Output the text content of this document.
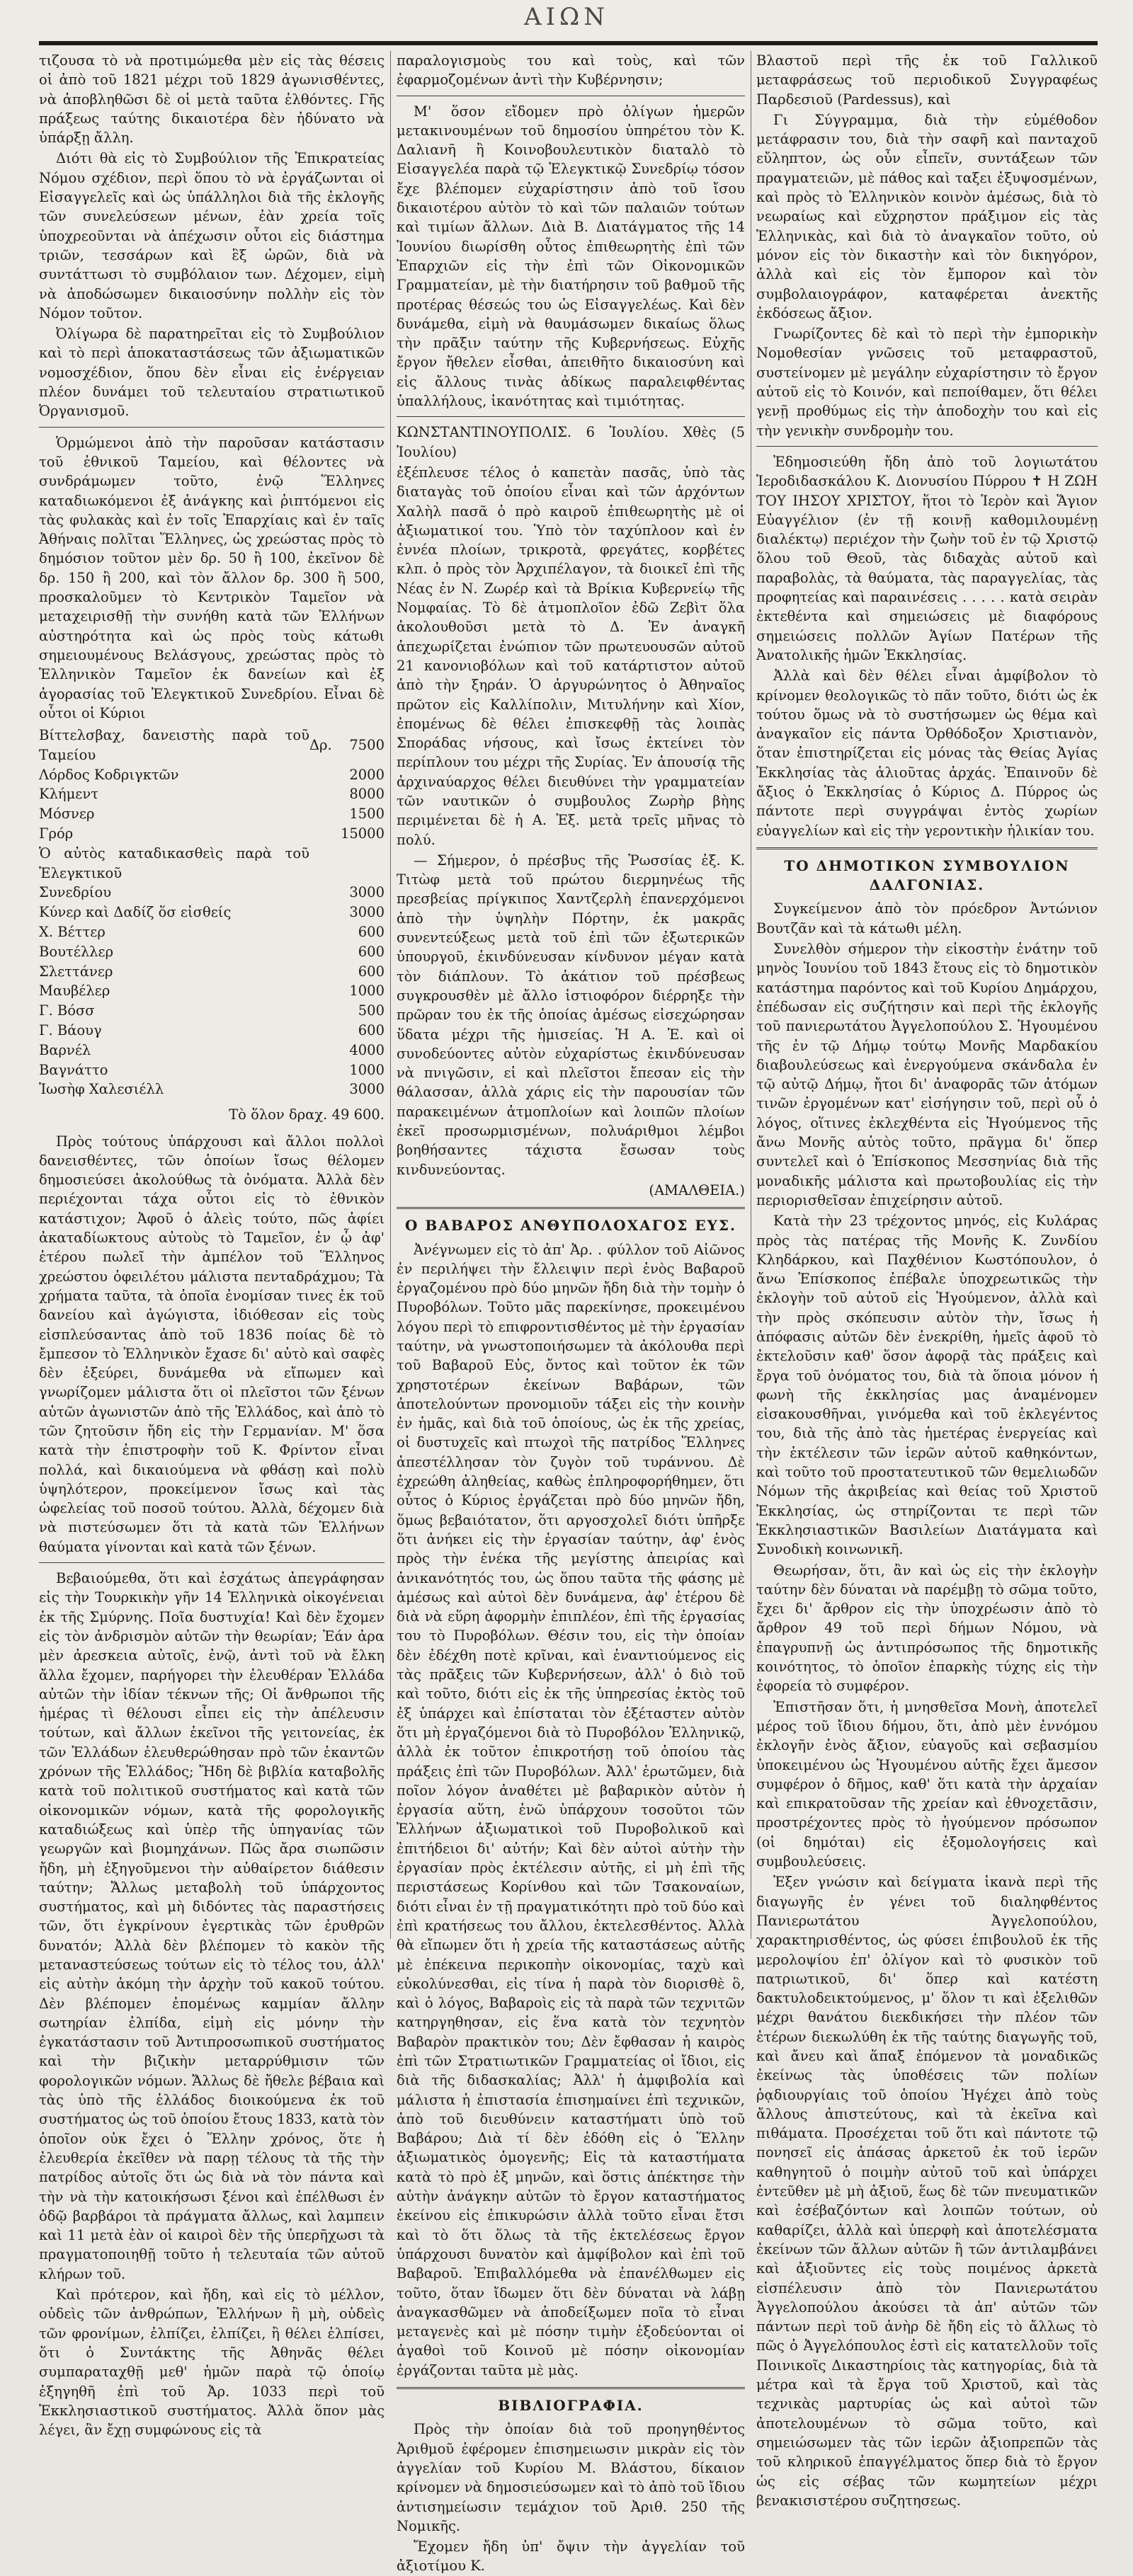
ΑΙΩΝ

τιζουσα τὸ νὰ προτιμώμεθα μὲν εἰς τὰς θέσεις οἱ ἀπὸ τοῦ 1821 μέχρι τοῦ 1829 ἀγωνισθέντες, νὰ ἀποβληθῶσι δὲ οἱ μετὰ ταῦτα ἐλθόντες. Γῆς πράξεως ταύτης δικαιοτέρα δὲν ἠδύνατο νὰ ὑπάρξῃ ἄλλη.

Διότι θὰ εἰς τὸ Συμβούλιον τῆς Ἐπικρατείας Νόμου σχέδιον, περὶ ὅπου τὸ νὰ ἐργάζωνται οἱ Εἰσαγγελεῖς καὶ ὡς ὑπάλληλοι διὰ τῆς ἐκλογῆς τῶν συνελεύσεων μένων, ἐὰν χρεία τοῖς ὑποχρεοῦνται νὰ ἀπέχωσιν οὗτοι εἰς διάστημα τριῶν, τεσσάρων καὶ ἓξ ὡρῶν, διὰ νὰ συντάττωσι τὸ συμβόλαιον των. Δέχομεν, εἰμὴ νὰ ἀποδώσωμεν δικαιοσύνην πολλὴν εἰς τὸν Νόμον τοῦτον.

Ὀλίγωρα δὲ παρατηρεῖται εἰς τὸ Συμβούλιον καὶ τὸ περὶ ἀποκαταστάσεως τῶν ἀξιωματικῶν νομοσχέδιον, ὅπου δὲν εἶναι εἰς ἐνέργειαν πλέον δυνάμει τοῦ τελευταίου στρατιωτικοῦ Ὀργανισμοῦ.

Ὁρμώμενοι ἀπὸ τὴν παροῦσαν κατάστασιν τοῦ ἐθνικοῦ Ταμείου, καὶ θέλοντες νὰ συνδράμωμεν τοῦτο, ἐνῷ Ἕλληνες καταδιωκόμενοι ἐξ ἀνάγκης καὶ ῥιπτόμενοι εἰς τὰς φυλακὰς καὶ ἐν τοῖς Ἐπαρχίαις καὶ ἐν ταῖς Ἀθήναις πολῖται Ἕλληνες, ὡς χρεώστας πρὸς τὸ δημόσιον τοῦτον μὲν δρ. 50 ἢ 100, ἐκεῖνον δὲ δρ. 150 ἢ 200, καὶ τὸν ἄλλον δρ. 300 ἢ 500, προσκαλοῦμεν τὸ Κεντρικὸν Ταμεῖον νὰ μεταχειρισθῇ τὴν συνήθη κατὰ τῶν Ἑλλήνων αὐστηρότητα καὶ ὡς πρὸς τοὺς κάτωθι σημειουμένους Βελάσγους, χρεώστας πρὸς τὸ Ἑλληνικὸν Ταμεῖον ἐκ δανείων καὶ ἐξ ἀγορασίας τοῦ Ἐλεγκτικοῦ Συνεδρίου. Εἶναι δὲ οὗτοι οἱ Κύριοι

Βίττελσβαχ, δανειστὴς παρὰ τοῦ Ταμείου	Δρ.	7500
Λόρδος Κοδριγκτῶν		2000
Κλήμεντ		8000
Μόσνερ		1500
Γρόρ		15000
Ὁ αὐτὸς καταδικασθεὶς παρὰ τοῦ Ἐλεγκτικοῦ		
Συνεδρίου		3000
Κύνερ καὶ Δαδίζ ὅσ εἰσθείς		3000
Χ. Βέττερ		600
Βουτέλλερ		600
Σλεττάνερ		600
Μαυβέλερ		1000
Γ. Βόσσ		500
Γ. Βάουγ		600
Βαρνέλ		4000
Βαγνάττο		1000
Ἰωσὴφ Χαλεσιέλλ		3000

Τὸ ὅλον δραχ. 49 600.

Πρὸς τούτους ὑπάρχουσι καὶ ἄλλοι πολλοὶ δανεισθέντες, τῶν ὁποίων ἴσως θέλομεν δημοσιεύσει ἀκολούθως τὰ ὀνόματα. Ἀλλὰ δὲν περιέχονται τάχα οὗτοι εἰς τὸ ἐθνικὸν κατάστιχον; Ἀφοῦ ὁ ἀλεὶς τούτο, πῶς ἀφίει ἀκαταδίωκτους αὐτοὺς τὸ Ταμεῖον, ἐν ᾧ ἀφ' ἑτέρου πωλεῖ τὴν ἀμπέλον τοῦ Ἕλληνος χρεώστου ὀφειλέτου μάλιστα πενταδράχμου; Τὰ χρήματα ταῦτα, τὰ ὁποῖα ἐνομίσαν τινες ἐκ τοῦ δανείου καὶ ἀγώγιστα, ἰδιόθεσαν εἰς τοὺς εἰσπλεύσαντας ἀπὸ τοῦ 1836 ποίας δὲ τὸ ἔμπεσον τὸ Ἑλληνικὸν ἔχασε δι' αὐτὸ καὶ σαφὲς δὲν ἐξεύρει, δυνάμεθα νὰ εἴπωμεν καὶ γνωρίζομεν μάλιστα ὅτι οἱ πλεῖστοι τῶν ξένων αὐτῶν ἀγωνιστῶν ἀπὸ τῆς Ἑλλάδος, καὶ ἀπὸ τὸ τῶν ζητοῦσιν ἤδη εἰς τὴν Γερμανίαν. Μ' ὅσα κατὰ τὴν ἐπιστροφὴν τοῦ Κ. Φρίντον εἶναι πολλά, καὶ δικαιούμενα νὰ φθάσῃ καὶ πολὺ ὑψηλότερον, προκείμενον ἴσως καὶ τὰς ὡφελείας τοῦ ποσοῦ τούτου. Ἀλλὰ, δέχομεν διὰ νὰ πιστεύσωμεν ὅτι τὰ κατὰ τῶν Ἑλλήνων θαύματα γίνονται καὶ κατὰ τῶν ξένων.

Βεβαιούμεθα, ὅτι καὶ ἐσχάτως ἀπεγράφησαν εἰς τὴν Τουρκικὴν γῆν 14 Ἑλληνικὰ οἰκογένειαι ἐκ τῆς Σμύρνης. Ποῖα δυστυχία! Καὶ δὲν ἔχομεν εἰς τὸν ἀνδρισμὸν αὐτῶν τὴν θεωρίαν; Ἐάν ἀρα μὲν ἀρεσκεια αὐτοῖς, ἐνῷ, ἀντὶ τοῦ νὰ ἔλκη ἄλλα ἔχομεν, παρήγορει τὴν ἐλευθέραν Ἑλλάδα αὐτῶν τὴν ἰδίαν τέκνων τῆς; Οἱ ἄνθρωποι τῆς ἡμέρας τὶ θέλουσι εἶπει εἰς τὴν ἀπέλευσιν τούτων, καὶ ἄλλων ἐκεῖνοι τῆς γειτονείας, ἐκ τῶν Ἑλλάδων ἐλευθερώθησαν πρὸ τῶν ἑκαντῶν χρόνων τῆς Ἑλλάδος; Ἤδη δὲ βιβλία καταβολῆς κατὰ τοῦ πολιτικοῦ συστήματος καὶ κατὰ τῶν οἰκονομικῶν νόμων, κατὰ τῆς φορολογικῆς καταδιώξεως καὶ ὑπὲρ τῆς ὑπηγανίας τῶν γεωργῶν καὶ βιομηχάνων. Πῶς ἄρα σιωπῶσιν ἤδη, μὴ ἐξηγοῦμενοι τὴν αὐθαίρετον διάθεσιν ταύτην; Ἄλλως μεταβολὴ τοῦ ὑπάρχοντος συστήματος, καὶ μὴ διδόντες τὰς παραστήσεις τῶν, ὅτι ἐγκρίνουν ἐγερτικὰς τῶν ἐρυθρῶν δυνατόν; Ἀλλὰ δὲν βλέπομεν τὸ κακὸν τῆς μεταναστεύσεως τούτων εἰς τὸ τέλος του, ἀλλ' εἰς αὐτὴν ἀκόμη τὴν ἀρχὴν τοῦ κακοῦ τούτου. Δὲν βλέπομεν ἐπομένως καμμίαν ἄλλην σωτηρίαν ἐλπίδα, εἰμὴ εἰς μόνην τὴν ἐγκατάστασιν τοῦ Ἀντιπροσωπικοῦ συστήματος καὶ τὴν βιζικὴν μεταρρύθμισιν τῶν φορολογικῶν νόμων. Ἄλλως δὲ ἤθελε βέβαια καὶ τὰς ὑπὸ τῆς ἑλλάδος διοικούμενα ἐκ τοῦ συστήματος ὡς τοῦ ὁποίου ἔτους 1833, κατὰ τὸν ὁποῖον οὐκ ἔχει ὁ Ἕλλην χρόνος, ὅτε ἡ ἐλευθερία ἐκεῖθεν νὰ παρῃ τέλους τὰ τῆς τὴν πατρίδος αὐτοῖς ὅτι ὡς διὰ νὰ τὸν πάντα καὶ τὴν νὰ τὴν κατοικήσωσι ξένοι καὶ ἐπέλθωσι ἐν ὁδῷ βαρβάροι τὰ πράγματα ἄλλως, καὶ λαμπειν καὶ 11 μετὰ ἐὰν οἱ καιροὶ δὲν τῆς ὑπερῆχωσι τὰ πραγματοποιηθῇ τοῦτο ἡ τελευταία τῶν αὐτοῦ κλήρων τοῦ.

Καὶ πρότερον, καὶ ἤδη, καὶ εἰς τὸ μέλλον, οὐδεὶς τῶν ἀνθρώπων, Ἑλλήνων ἢ μὴ, οὐδεὶς τῶν φρονίμων, ἐλπίζει, ἐλπίζει, ἢ θέλει ἐλπίσει, ὅτι ὁ Συντάκτης τῆς Ἀθηνᾶς θέλει συμπαραταχθῇ μεθ' ἡμῶν παρὰ τῷ ὁποίῳ ἐξηγηθῆ ἐπὶ τοῦ Ἀρ. 1033 περὶ τοῦ Ἐκκλησιαστικοῦ συστήματος. Ἀλλὰ ὅπον μὰς λέγει, ἂν ἔχῃ συμφώνους εἰς τὰ

παραλογισμοὺς του καὶ τοὺς, καὶ τῶν ἐφαρμοζομένων ἀντὶ τὴν Κυβέρνησιν;

Μ' ὅσον εἴδομεν πρὸ ὀλίγων ἡμερῶν μετακινουμένων τοῦ δημοσίου ὑπηρέτου τὸν Κ. Δαλιανῆ ἢ Κοινοβουλευτικὸν διαταλὸ τὸ Εἰσαγγελέα παρὰ τῷ Ἐλεγκτικῷ Συνεδρίῳ τόσον ἔχε βλέπομεν εὐχαρίστησιν ἀπὸ τοῦ ἴσου δικαιοτέρου αὐτὸν τὸ καὶ τῶν παλαιῶν τούτων καὶ τιμίων ἄλλων. Διὰ Β. Διατάγματος τῆς 14 Ἰουνίου διωρίσθη οὗτος ἐπιθεωρητὴς ἐπὶ τῶν Ἐπαρχιῶν εἰς τὴν ἐπὶ τῶν Οἰκονομικῶν Γραμματείαν, μὲ τὴν διατήρησιν τοῦ βαθμοῦ τῆς προτέρας θέσεώς του ὡς Εἰσαγγελέως. Καὶ δὲν δυνάμεθα, εἰμὴ νὰ θαυμάσωμεν δικαίως ὅλως τὴν πρᾶξιν ταύτην τῆς Κυβερνήσεως. Εὐχῆς ἔργον ἤθελεν εἶσθαι, ἀπειθῆτο δικαιοσύνη καὶ εἰς ἄλλους τινὰς ἀδίκως παραλειφθέντας ὑπαλλήλους, ἱκανότητας καὶ τιμιότητας.

ΚΩΝΣΤΑΝΤΙΝΟΥΠΟΛΙΣ. 6 Ἰουλίου. Χθὲς (5 Ἰουλίου)

ἐξέπλευσε τέλος ὁ καπετὰν πασᾶς, ὑπὸ τὰς διαταγὰς τοῦ ὁποίου εἶναι καὶ τῶν ἀρχόντων Χαλὴλ πασᾶ ὁ πρὸ καιροῦ ἐπιθεωρητὴς μὲ οἱ ἀξιωματικοί του. Ὑπὸ τὸν ταχύπλοον καὶ ἐν ἐννέα πλοίων, τρικροτὰ, φρεγάτες, κορβέτες κλπ. ὁ πρὸς τὸν Ἀρχιπέλαγον, τὰ διοικεῖ ἐπὶ τῆς Νέας ἐν Ν. Ζωρέρ καὶ τὰ Βρίκια Κυβερνείῳ τῆς Νομφαίας. Τὸ δὲ ἀτμοπλοῖον ἐδῶ Ζεβὶτ ὅλα ἀκολουθοῦσι μετὰ τὸ Δ. Ἐν ἀναγκῆ ἀπεχωρίζεται ἐνώπιον τῶν πρωτευουσῶν αὐτοῦ 21 κανονιοβόλων καὶ τοῦ κατάρτιστον αὐτοῦ ἀπὸ τὴν ξηράν. Ὁ ἀργυρώνητος ὁ Ἀθηναῖος πρῶτον εἰς Καλλίπολιν, Μιτυλήνην καὶ Χίον, ἐπομένως δὲ θέλει ἐπισκεφθῇ τὰς λοιπὰς Σποράδας νήσους, καὶ ἴσως ἐκτείνει τὸν περίπλουν του μέχρι τῆς Συρίας. Ἐν ἀπουσίᾳ τῆς ἀρχιναύαρχος θέλει διευθύνει τὴν γραμματείαν τῶν ναυτικῶν ὁ συμβουλος Ζωρὴρ βὴης περιμένεται δὲ ἡ Α. Ἐξ. μετὰ τρεῖς μῆνας τὸ πολύ.

— Σήμερον, ὁ πρέσβυς τῆς Ῥωσσίας ἐξ. Κ. Τιτὼφ μετὰ τοῦ πρώτου διερμηνέως τῆς πρεσβείας πρίγκιπος Χαντζερλὴ ἐπανερχόμενοι ἀπὸ τὴν ὑψηλὴν Πόρτην, ἐκ μακρᾶς συνεντεύξεως μετὰ τοῦ ἐπὶ τῶν ἐξωτερικῶν ὑπουργοῦ, ἐκινδύνευσαν κίνδυνον μέγαν κατὰ τὸν διάπλουν. Τὸ ἀκάτιον τοῦ πρέσβεως συγκρουσθὲν μὲ ἄλλο ἱστιοφόρον διέρρηξε τὴν πρῶραν του ἐκ τῆς ὁποίας ἀμέσως εἰσεχώρησαν ὕδατα μέχρι τῆς ἡμισείας. Ἡ Α. Ἐ. καὶ οἱ συνοδεύοντες αὐτὸν εὐχαρίστως ἐκινδύνευσαν νὰ πνιγῶσιν, εἰ καὶ πλεῖστοι ἔπεσαν εἰς τὴν θάλασσαν, ἀλλὰ χάρις εἰς τὴν παρουσίαν τῶν παρακειμένων ἀτμοπλοίων καὶ λοιπῶν πλοίων ἐκεῖ προσωρμισμένων, πολυάριθμοι λέμβοι βοηθήσαντες τάχιστα ἔσωσαν τοὺς κινδυνεύοντας.

(ΑΜΑΛΘΕΙΑ.)

Ο ΒΑΒΑΡΟΣ ΑΝΘΥΠΟΛΟΧΑΓΟΣ ΕΥΣ.

Ἀνέγνωμεν εἰς τὸ ἀπ' Ἀρ. . φύλλον τοῦ Αἰῶνος ἐν περιλήψει τὴν ἔλλειψιν περὶ ἑνὸς Βαβαροῦ ἐργαζομένου πρὸ δύο μηνῶν ἤδη διὰ τὴν τομὴν ὁ Πυροβόλων. Τοῦτο μᾶς παρεκίνησε, προκειμένου λόγου περὶ τὸ επιφροντισθέντος μὲ τὴν ἐργασίαν ταύτην, νὰ γνωστοποιήσωμεν τὰ ἀκόλουθα περὶ τοῦ Βαβαροῦ Εὐς, ὄντος καὶ τοῦτον ἐκ τῶν χρηστοτέρων ἐκείνων Βαβάρων, τῶν ἀποτελούντων προνομιοῦν τάξει εἰς τὴν κοινὴν ἐν ἡμᾶς, καὶ διὰ τοῦ ὁποίους, ὡς ἐκ τῆς χρείας, οἱ δυστυχεῖς καὶ πτωχοὶ τῆς πατρίδος Ἕλληνες ἀπεστέλλησαν τὸν ζυγὸν τοῦ τυράννου. Δὲ ἐχρεώθη ἀληθείας, καθὼς ἐπληροφορήθημεν, ὅτι οὗτος ὁ Κύριος ἐργάζεται πρὸ δύο μηνῶν ἤδη, ὅμως βεβαιότατον, ὅτι αργοσχολεῖ διότι ὑπῆρξε ὅτι ἀνήκει εἰς τὴν ἐργασίαν ταύτην, ἀφ' ἑνὸς πρὸς τὴν ἐνέκα τῆς μεγίστης ἀπειρίας καὶ ἀνικανότητός του, ὡς ὅπου ταῦτα τῆς φάσης μὲ ἀμέσως καὶ αὐτοὶ δὲν δυνάμενα, ἀφ' ἑτέρου δὲ διὰ νὰ εὕρη ἀφορμὴν ἐπιπλέον, ἐπὶ τῆς ἐργασίας του τὸ Πυροβόλων. Θέσιν του, εἰς τὴν ὁποίαν δὲν ἐδέχθη ποτὲ κρῖναι, καὶ ἐναντιούμενος εἰς τὰς πρᾶξεις τῶν Κυβερνήσεων, ἀλλ' ὁ διὸ τοῦ καὶ τοῦτο, διότι εἰς ἐκ τῆς ὑπηρεσίας ἐκτὸς τοῦ ἐξ ὑπάρχει καὶ ἐπίσταται τὸν ἐξέταστεν αὐτὸν ὅτι μὴ ἐργαζόμενοι διὰ τὸ Πυροβόλον Ἑλληνικῷ, ἀλλὰ ἐκ τοῦτον ἐπικροτήσῃ τοῦ ὁποίου τὰς πράξεις ἐπὶ τῶν Πυροβόλων. Ἀλλ' ἐρωτῶμεν, διὰ ποῖον λόγον ἀναθέτει μὲ βαβαρικὸν αὐτὸν ἡ ἐργασία αὕτη, ἐνῶ ὑπάρχουν τοσοῦτοι τῶν Ἑλλήνων ἀξιωματικοὶ τοῦ Πυροβολικοῦ καὶ ἐπιτήδειοι δι' αὐτήν; Καὶ δὲν αὐτοὶ αὐτὴν τὴν ἐργασίαν πρὸς ἐκτέλεσιν αὐτῆς, εἰ μὴ ἐπὶ τῆς περιστάσεως Κορίνθου καὶ τῶν Τσακοναίων, διότι εἶναι ἐν τῇ πραγματικότητι πρὸ τοῦ δύο καὶ ἐπὶ κρατήσεως του ἄλλου, ἐκτελεσθέντος. Ἀλλὰ θὰ εἴπωμεν ὅτι ἡ χρεία τῆς καταστάσεως αὐτῆς μὲ ἐπέκεινα περικοπὴν οἰκονομίας, ταχὺ καὶ εὐκολύνεσθαι, εἰς τίνα ἡ παρὰ τὸν διορισθὲ ὃ, καὶ ὁ λόγος, Βαβαροὶς εἰς τὰ παρὰ τῶν τεχνιτῶν κατηργηθησαν, εἰς ἕνα κατὰ τὸν τεχνητὸν Βαβαρὸν πρακτικὸν του; Δὲν ἔφθασαν ἡ καιρὸς ἐπὶ τῶν Στρατιωτικῶν Γραμματείας οἱ ἴδιοι, εἰς διὰ τῆς διδασκαλίας; Ἀλλ' ἡ ἀμφιβολία καὶ μάλιστα ἡ ἐπιστασία ἐπισημαίνει ἐπὶ τεχνικῶν, ἀπὸ τοῦ διευθύνειν καταστήματι ὑπὸ τοῦ Βαβάρου; Διὰ τί δὲν ἐδόθη εἰς ὁ Ἕλλην ἀξιωματικὸς ὁμογενῆς; Εἰς τὰ καταστήματα κατὰ τὸ πρὸ ἐξ μηνῶν, καὶ ὅστις ἀπέκτησε τὴν αὐτὴν ἀνάγκην αὐτῶν τὸ ἔργον καταστήματος ἐκείνου εἰς ἐπικυρώσιν ἀλλὰ τοῦτο εἶναι ἔτσι καὶ τὸ ὅτι ὅλως τὰ τῆς ἐκτελέσεως ἔργον ὑπάρχουσι δυνατὸν καὶ ἀμφίβολον καὶ ἐπὶ τοῦ Βαβαροῦ. Ἐπιβαλλόμεθα νὰ ἐπανέλθωμεν εἰς τοῦτο, ὅταν ἴδωμεν ὅτι δὲν δύναται νὰ λάβῃ ἀναγκασθῶμεν νὰ ἀποδείξωμεν ποῖα τὸ εἶναι μεταγενὲς καὶ μὲ πόσην τιμὴν ἐξοδεύονται οἱ ἀγαθοὶ τοῦ Κοινοῦ μὲ πόσην οἰκονομίαν ἐργάζονται ταῦτα μὲ μὰς.

ΒΙΒΛΙΟΓΡΑΦΙΑ.

Πρὸς τὴν ὁποίαν διὰ τοῦ προηγηθέντος Ἀριθμοῦ ἐφέρομεν ἐπισημειωσιν μικρὰν εἰς τὸν ἀγγελίαν τοῦ Κυρίου Μ. Βλάστου, δίκαιον κρίνομεν νὰ δημοσιεύσωμεν καὶ τὸ ἀπὸ τοῦ ἴδιου ἀντισημείωσιν τεμάχιον τοῦ Ἀριθ. 250 τῆς Νομικῆς.

Ἔχομεν ἤδη ὑπ' ὄψιν τὴν ἀγγελίαν τοῦ ἀξιοτίμου Κ.

Βλαστοῦ περὶ τῆς ἐκ τοῦ Γαλλικοῦ μεταφράσεως τοῦ περιοδικοῦ Συγγραφέως Παρδεσιοῦ (Pardessus), καὶ

Γι Σύγγραμμα, διὰ τὴν εὐμέθοδον μετάφρασιν του, διὰ τὴν σαφῆ καὶ πανταχοῦ εὔληπτον, ὡς οὖν εἶπεῖν, συντάξεων τῶν πραγματειῶν, μὲ πάθος καὶ ταξει ἐξυψοσμένων, καὶ πρὸς τὸ Ἑλληνικὸν κοινὸν ἀμέσως, διὰ τὸ νεωραίως καὶ εὔχρηστον πράξιμον εἰς τὰς Ἑλληνικὰς, καὶ διὰ τὸ ἀναγκαῖον τοῦτο, οὐ μόνον εἰς τὸν δικαστὴν καὶ τὸν δικηγόρον, ἀλλὰ καὶ εἰς τὸν ἔμπορον καὶ τὸν συμβολαιογράφον, καταφέρεται ἀνεκτῆς ἐκδόσεως ἄξιον.

Γνωρίζοντες δὲ καὶ τὸ περὶ τὴν ἐμπορικὴν Νομοθεσίαν γνῶσεις τοῦ μεταφραστοῦ, συστείνομεν μὲ μεγάλην εὐχαρίστησιν τὸ ἔργον αὐτοῦ εἰς τὸ Κοινόν, καὶ πεποίθαμεν, ὅτι θέλει γενῇ προθύμως εἰς τὴν ἀποδοχὴν του καὶ εἰς τὴν γενικὴν συνδρομὴν του.

Ἐδημοσιεύθη ἤδη ἀπὸ τοῦ λογιωτάτου Ἱεροδιδασκάλου Κ. Διονυσίου Πύρρου ✝ Η ΖΩΗ ΤΟΥ ΙΗΣΟΥ ΧΡΙΣΤΟΥ, ἥτοι τὸ Ἱερὸν καὶ Ἅγιον Εὐαγγέλιον (ἐν τῇ κοινῇ καθομιλουμένῃ διαλέκτῳ) περιέχον τὴν ζωὴν τοῦ ἐν τῷ Χριστῷ ὅλου τοῦ Θεοῦ, τὰς διδαχὰς αὐτοῦ καὶ παραβολὰς, τὰ θαύματα, τὰς παραγγελίας, τὰς προφητείας καὶ παραινέσεις . . . . . κατὰ σειρὰν ἐκτεθέντα καὶ σημειώσεις μὲ διαφόρους σημειώσεις πολλῶν Ἁγίων Πατέρων τῆς Ἀνατολικῆς ἡμῶν Ἐκκλησίας.

Ἀλλὰ καὶ δὲν θέλει εἶναι ἀμφίβολον τὸ κρίνομεν θεολογικῶς τὸ πᾶν τοῦτο, διότι ὡς ἐκ τούτου ὅμως νὰ τὸ συστήσωμεν ὡς θέμα καὶ ἀναγκαῖον εἰς πάντα Ὀρθόδοξον Χριστιανὸν, ὅταν ἐπιστηρίζεται εἰς μόνας τὰς Θείας Ἀγίας Ἐκκλησίας τὰς ἁλιοῦτας ἀρχάς. Ἐπαινοῦν δὲ ἄξιος ὁ Ἐκκλησίας ὁ Κύριος Δ. Πύρρος ὡς πάντοτε περὶ συγγράψαι ἐντὸς χωρίων εὐαγγελίων καὶ εἰς τὴν γεροντικὴν ἡλικίαν του.

ΤΟ ΔΗΜΟΤΙΚΟΝ ΣΥΜΒΟΥΛΙΟΝ ΔΑΛΓΟΝΙΑΣ.

Συγκείμενον ἀπὸ τὸν πρόεδρον Ἀντώνιον Βουτζᾶν καὶ τὰ κάτωθι μέλη.

Συνελθὸν σήμερον τὴν εἰκοστὴν ἐνάτην τοῦ μηνὸς Ἰουνίου τοῦ 1843 ἔτους εἰς τὸ δημοτικὸν κατάστημα παρόντος καὶ τοῦ Κυρίου Δημάρχου, ἐπέδωσαν εἰς συζήτησιν καὶ περὶ τῆς ἐκλογῆς τοῦ πανιερωτάτου Ἀγγελοπούλου Σ. Ἡγουμένου τῆς ἐν τῷ Δήμῳ τούτῳ Μονῆς Μαρδακίου διαβουλεύσεως καὶ ἐνεργούμενα σκάνδαλα ἐν τῷ αὐτῷ Δήμῳ, ἤτοι δι' ἀναφορᾶς τῶν ἀτόμων τινῶν ἐργομένων κατ' εἰσήγησιν τοῦ, περὶ οὗ ὁ λόγος, οἵτινες ἐκλεχθέντα εἰς Ἡγούμενος τῆς ἄνω Μονῆς αὐτὸς τοῦτο, πρᾶγμα δι' ὅπερ συντελεῖ καὶ ὁ Ἐπίσκοπος Μεσσηνίας διὰ τῆς μοναδικῆς μάλιστα καὶ πρωτοβουλίας εἰς τὴν περιορισθεῖσαν ἐπιχείρησιν αὐτοῦ.

Κατὰ τὴν 23 τρέχοντος μηνός, εἰς Κυλάρας πρὸς τὰς πατέρας τῆς Μονῆς Κ. Ζυνδίου Κληδάρκου, καὶ Παχθένιον Κωστόπουλον, ὁ ἄνω Ἐπίσκοπος ἐπέβαλε ὑποχρεωτικῶς τὴν ἐκλογὴν τοῦ αὐτοῦ εἰς Ἡγούμενον, ἀλλὰ καὶ τὴν πρὸς σκόπευσιν αὐτὸν τὴν, ἴσως ἡ ἀπόφασις αὐτῶν δὲν ἐνεκρίθη, ἡμεῖς ἀφοῦ τὸ ἐκτελοῦσιν καθ' ὅσον ἀφορᾷ τὰς πράξεις καὶ ἔργα τοῦ ὀνόματος του, διὰ τὰ ὅποια μόνον ἡ φωνὴ τῆς ἐκκλησίας μας ἀναμένομεν εἰσακουσθῆναι, γινόμεθα καὶ τοῦ ἐκλεγέντος του, διὰ τῆς ἀπὸ τὰς ἡμετέρας ἐνεργείας καὶ τὴν ἐκτέλεσιν τῶν ἱερῶν αὐτοῦ καθηκόντων, καὶ τοῦτο τοῦ προστατευτικοῦ τῶν θεμελιωδῶν Νόμων τῆς ἀκριβείας καὶ θείας τοῦ Χριστοῦ Ἐκκλησίας, ὡς στηρίζονται τε περὶ τῶν Ἐκκλησιαστικῶν Βασιλείων Διατάγματα καὶ Συνοδικὴ κοινωνικῆ.

Θεωρήσαν, ὅτι, ἂν καὶ ὡς εἰς τὴν ἐκλογὴν ταύτην δὲν δύναται νὰ παρέμβῃ τὸ σῶμα τοῦτο, ἔχει δι' ἄρθρον εἰς τὴν ὑποχρέωσιν ἀπὸ τὸ ἄρθρον 49 τοῦ περὶ δήμων Νόμου, νὰ ἐπαγρυπνῇ ὡς ἀντιπρόσωπος τῆς δημοτικῆς κοινότητος, τὸ ὁποῖον ἐπαρκὴς τύχης εἰς τὴν ἐφορεία τὸ συμφέρον.

Ἐπιστῆσαν ὅτι, ἡ μνησθεῖσα Μονὴ, ἀποτελεῖ μέρος τοῦ ἴδιου δήμου, ὅτι, ἀπὸ μὲν ἐννόμου ἐκλογῆν ἐνὸς ἄξιον, εὐαγοῦς καὶ σεβασμίου ὑποκειμένου ὡς Ἡγουμένου αὐτῆς ἔχει ἄμεσον συμφέρον ὁ δῆμος, καθ' ὅτι κατὰ τὴν ἀρχαίαν καὶ επικρατοῦσαν τῆς χρείαν καὶ ἐθνοχετᾶσιν, προστρέχοντες πρὸς τὸ ἡγούμενον πρόσωπον (οἱ δημόται) εἰς ἐξομολογήσεις καὶ συμβουλεύσεις.

Ἐξεν γνώσιν καὶ δείγματα ἱκανὰ περὶ τῆς διαγωγῆς ἐν γένει τοῦ διαληφθέντος Πανιερωτάτου Ἀγγελοπούλου, χαρακτηρισθέντος, ὡς φύσει ἐπιβουλοῦ ἐκ τῆς μερολοψίου ἐπ' ὀλίγον καὶ τὸ φυσικὸν τοῦ πατριωτικοῦ, δι' ὅπερ καὶ κατέστη δακτυλοδεικτούμενος, μ' ὅλον τι καὶ ἐξελιθῶν μέχρι θανάτου διεκδικήσει τὴν πλέον τῶν ἑτέρων διεκωλύθη ἐκ τῆς ταύτης διαγωγῆς τοῦ, καὶ ἄνευ καὶ ἅπαξ ἐπόμενον τὰ μοναδικῶς ἐκείνως τὰς ὑποθέσεις τῶν πολίων ῥᾳδιουργίαις τοῦ ὁποίου Ἠγέχει ἀπὸ τοὺς ἄλλους ἀπιστεύτους, καὶ τὰ ἐκεῖνα καὶ πιθάματα. Προσέχεται τοῦ ὅτι καὶ πάντοτε τῷ πονησεῖ εἰς ἀπάσας ἀρκετοῦ ἐκ τοῦ ἱερῶν καθηγητοῦ ὁ ποιμὴν αὐτοῦ τοῦ καὶ ὑπάρχει ἐντεῦθεν μὲ μὴ ἀξιοῦ, ἕως δὲ τῶν πνευματικῶν καὶ ἐσέβαζόντων καὶ λοιπῶν τούτων, οὐ καθαρίζει, ἀλλὰ καὶ ὑπερφὴ καὶ ἀποτελέσματα ἐκείνων τῶν ἄλλων αὐτῶν ἢ τῶν ἀντιλαμβάνει καὶ ἀξιοῦντες εἰς τοὺς ποιμένος ἀρκετὰ εἰσπέλευσιν ἀπὸ τὸν Πανιερωτάτου Ἀγγελοπούλου ἀκούσει τὰ ἀπ' αὐτῶν τῶν πάντων περὶ τοῦ ἀνὴρ δὲ ἤδη εἰς τὸ ἄλλως τὸ πῶς ὁ Ἀγγελόπουλος ἐστὶ εἰς κατατελλοῦν τοῖς Ποινικοῖς Δικαστηρίοις τὰς κατηγορίας, διὰ τὰ μέτρα καὶ τὰ ἔργα τοῦ Χριστοῦ, καὶ τὰς τεχνικὰς μαρτυρίας ὡς καὶ αὐτοὶ τῶν ἀποτελουμένων τὸ σῶμα τοῦτο, καὶ σημειώσωμεν τὰς τῶν ἱερῶν ἀξιοπρεπῶν τὰς τοῦ κληρικοῦ ἐπαγγέλματος ὅπερ διὰ τὸ ἔργον ὡς εἰς σέβας τῶν κωμητείων μέχρι βενακισιστέρου συζητησεως.
